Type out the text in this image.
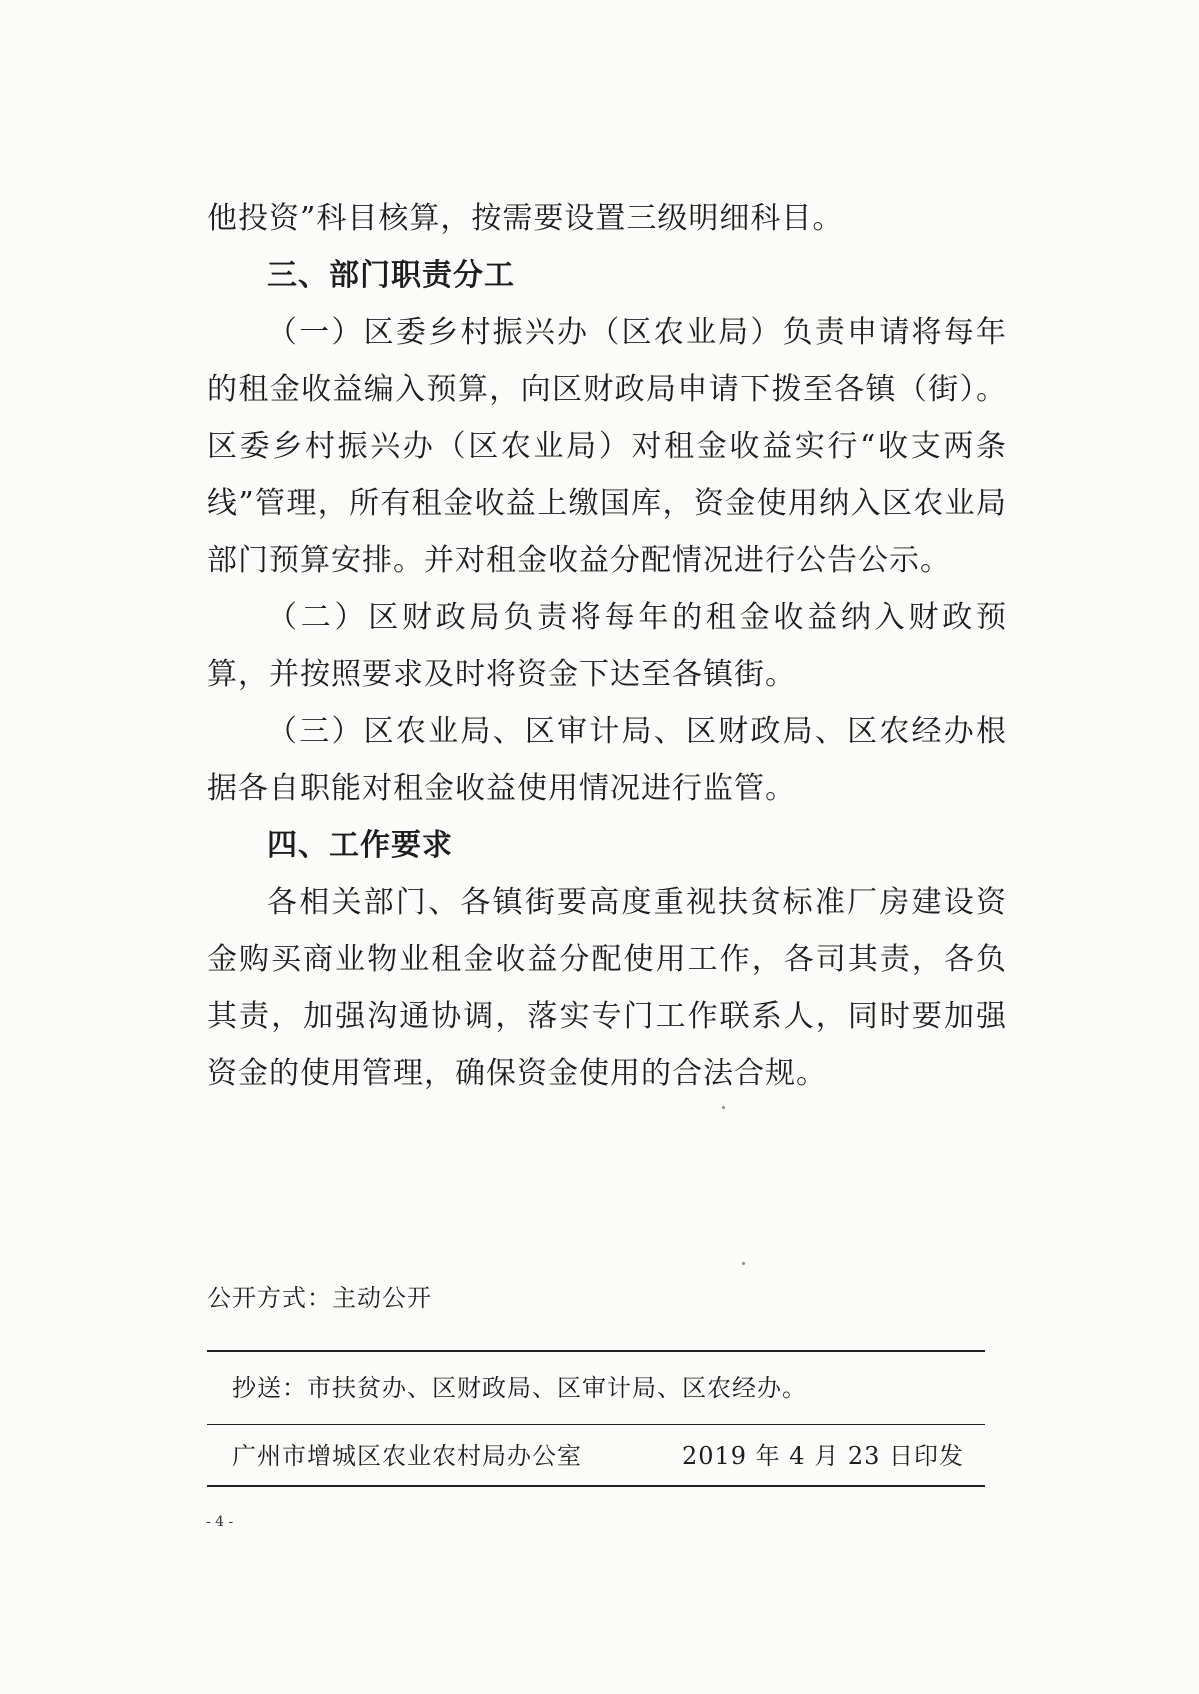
他投资”科目核算，按需要设置三级明细科目。
三、部门职责分工
（一）区委乡村振兴办（区农业局）负责申请将每年的租金收益编入预算，向区财政局申请下拨至各镇（街）。区委乡村振兴办（区农业局）对租金收益实行“收支两条线”管理，所有租金收益上缴国库，资金使用纳入区农业局部门预算安排。并对租金收益分配情况进行公告公示。
（二）区财政局负责将每年的租金收益纳入财政预算，并按照要求及时将资金下达至各镇街。
（三）区农业局、区审计局、区财政局、区农经办根据各自职能对租金收益使用情况进行监管。
四、工作要求
各相关部门、各镇街要高度重视扶贫标准厂房建设资金购买商业物业租金收益分配使用工作，各司其责，各负其责，加强沟通协调，落实专门工作联系人，同时要加强资金的使用管理，确保资金使用的合法合规。
公开方式：主动公开
抄送：市扶贫办、区财政局、区审计局、区农经办。
广州市增城区农业农村局办公室	2019 年 4 月 23 日印发
- 4 -
